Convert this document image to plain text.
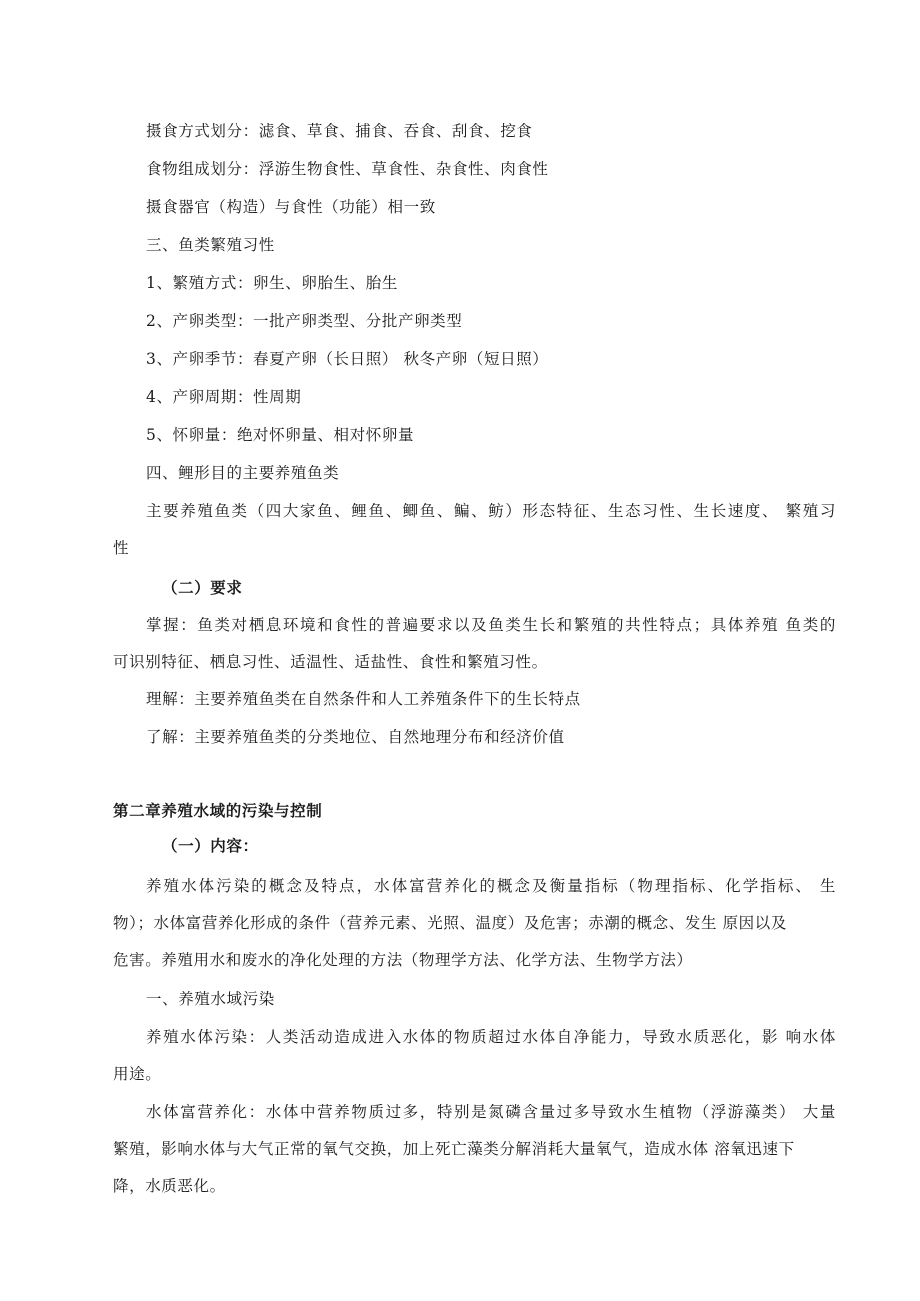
摄食方式划分：滤食、草食、捕食、吞食、刮食、挖食
食物组成划分：浮游生物食性、草食性、杂食性、肉食性
摄食器官（构造）与食性（功能）相一致
三、鱼类繁殖习性
1、繁殖方式：卵生、卵胎生、胎生
2、产卵类型：一批产卵类型、分批产卵类型
3、产卵季节：春夏产卵（长日照） 秋冬产卵（短日照）
4、产卵周期：性周期
5、怀卵量：绝对怀卵量、相对怀卵量
四、鲤形目的主要养殖鱼类
主要养殖鱼类（四大家鱼、鲤鱼、鲫鱼、鳊、鲂）形态特征、生态习性、生长速度、 繁殖习
性
（二）要求
掌握：鱼类对栖息环境和食性的普遍要求以及鱼类生长和繁殖的共性特点；具体养殖 鱼类的
可识别特征、栖息习性、适温性、适盐性、食性和繁殖习性。
理解：主要养殖鱼类在自然条件和人工养殖条件下的生长特点
了解：主要养殖鱼类的分类地位、自然地理分布和经济价值
第二章养殖水域的污染与控制
（一）内容：
养殖水体污染的概念及特点，水体富营养化的概念及衡量指标（物理指标、化学指标、 生
物）；水体富营养化形成的条件（营养元素、光照、温度）及危害；赤潮的概念、发生 原因以及
危害。养殖用水和废水的净化处理的方法（物理学方法、化学方法、生物学方法）
一、养殖水域污染
养殖水体污染：人类活动造成进入水体的物质超过水体自净能力，导致水质恶化，影 响水体
用途。
水体富营养化：水体中营养物质过多，特别是氮磷含量过多导致水生植物（浮游藻类） 大量
繁殖，影响水体与大气正常的氧气交换，加上死亡藻类分解消耗大量氧气，造成水体 溶氧迅速下
降，水质恶化。
